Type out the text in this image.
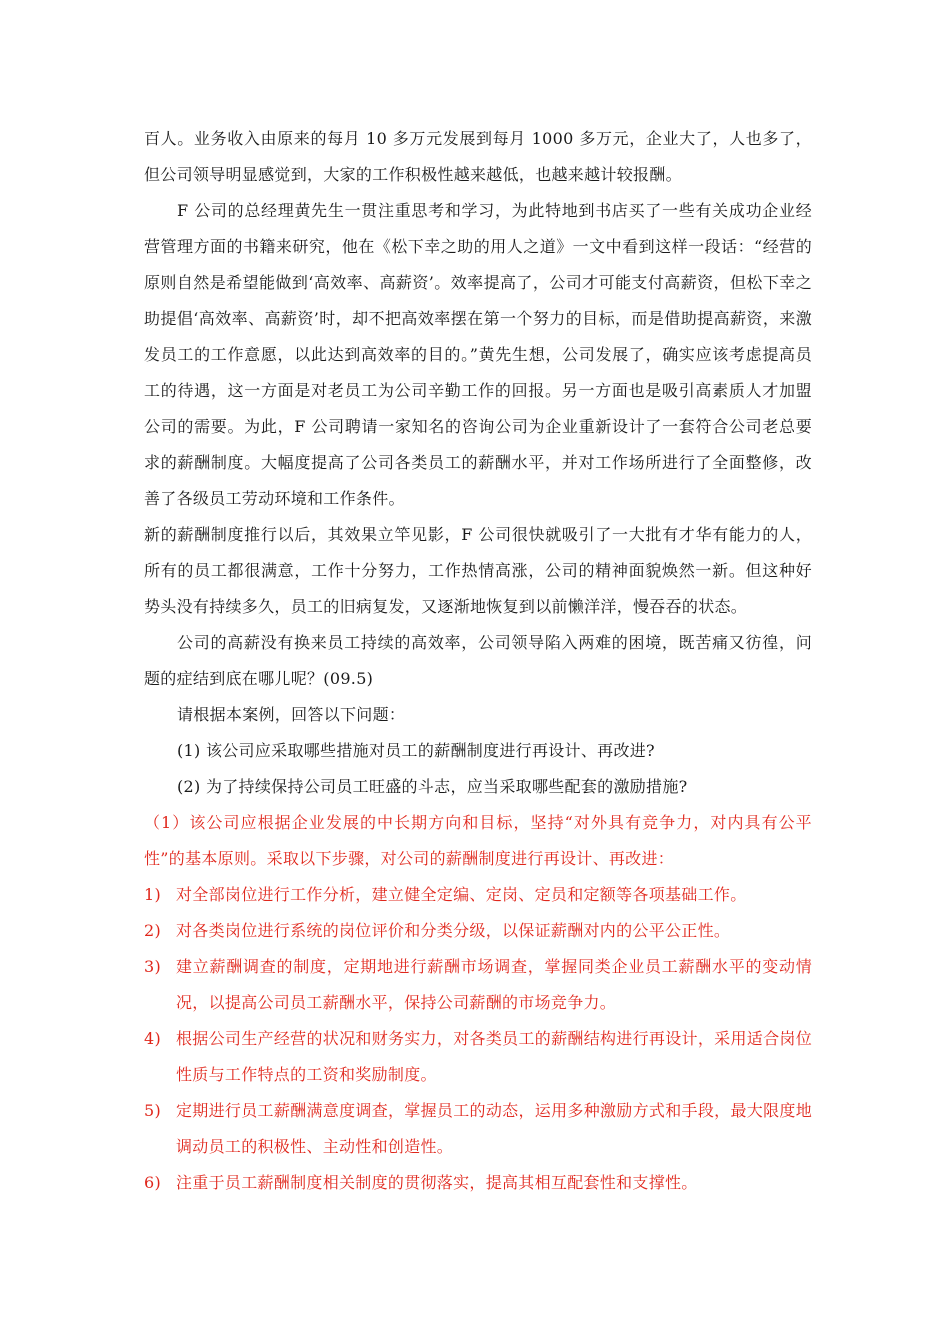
百人。业务收入由原来的每月 10 多万元发展到每月 1000 多万元，企业大了，人也多了，但公司领导明显感觉到，大家的工作积极性越来越低，也越来越计较报酬。

F 公司的总经理黄先生一贯注重思考和学习，为此特地到书店买了一些有关成功企业经营管理方面的书籍来研究，他在《松下幸之助的用人之道》一文中看到这样一段话：“经营的原则自然是希望能做到‘高效率、高薪资’。效率提高了，公司才可能支付高薪资，但松下幸之助提倡‘高效率、高薪资’时，却不把高效率摆在第一个努力的目标，而是借助提高薪资，来激发员工的工作意愿，以此达到高效率的目的。”黄先生想，公司发展了，确实应该考虑提高员工的待遇，这一方面是对老员工为公司辛勤工作的回报。另一方面也是吸引高素质人才加盟公司的需要。为此，F 公司聘请一家知名的咨询公司为企业重新设计了一套符合公司老总要求的薪酬制度。大幅度提高了公司各类员工的薪酬水平，并对工作场所进行了全面整修，改善了各级员工劳动环境和工作条件。

新的薪酬制度推行以后，其效果立竿见影，F 公司很快就吸引了一大批有才华有能力的人，所有的员工都很满意，工作十分努力，工作热情高涨，公司的精神面貌焕然一新。但这种好势头没有持续多久，员工的旧病复发，又逐渐地恢复到以前懒洋洋，慢吞吞的状态。

公司的高薪没有换来员工持续的高效率，公司领导陷入两难的困境，既苦痛又彷徨，问题的症结到底在哪儿呢？(09.5)

请根据本案例，回答以下问题：

(1) 该公司应采取哪些措施对员工的薪酬制度进行再设计、再改进?

(2) 为了持续保持公司员工旺盛的斗志，应当采取哪些配套的激励措施?

（1）该公司应根据企业发展的中长期方向和目标，坚持“对外具有竞争力，对内具有公平性”的基本原则。采取以下步骤，对公司的薪酬制度进行再设计、再改进：

1) 对全部岗位进行工作分析，建立健全定编、定岗、定员和定额等各项基础工作。
2) 对各类岗位进行系统的岗位评价和分类分级，以保证薪酬对内的公平公正性。
3) 建立薪酬调查的制度，定期地进行薪酬市场调查，掌握同类企业员工薪酬水平的变动情况，以提高公司员工薪酬水平，保持公司薪酬的市场竞争力。
4) 根据公司生产经营的状况和财务实力，对各类员工的薪酬结构进行再设计，采用适合岗位性质与工作特点的工资和奖励制度。
5) 定期进行员工薪酬满意度调查，掌握员工的动态，运用多种激励方式和手段，最大限度地调动员工的积极性、主动性和创造性。
6) 注重于员工薪酬制度相关制度的贯彻落实，提高其相互配套性和支撑性。
